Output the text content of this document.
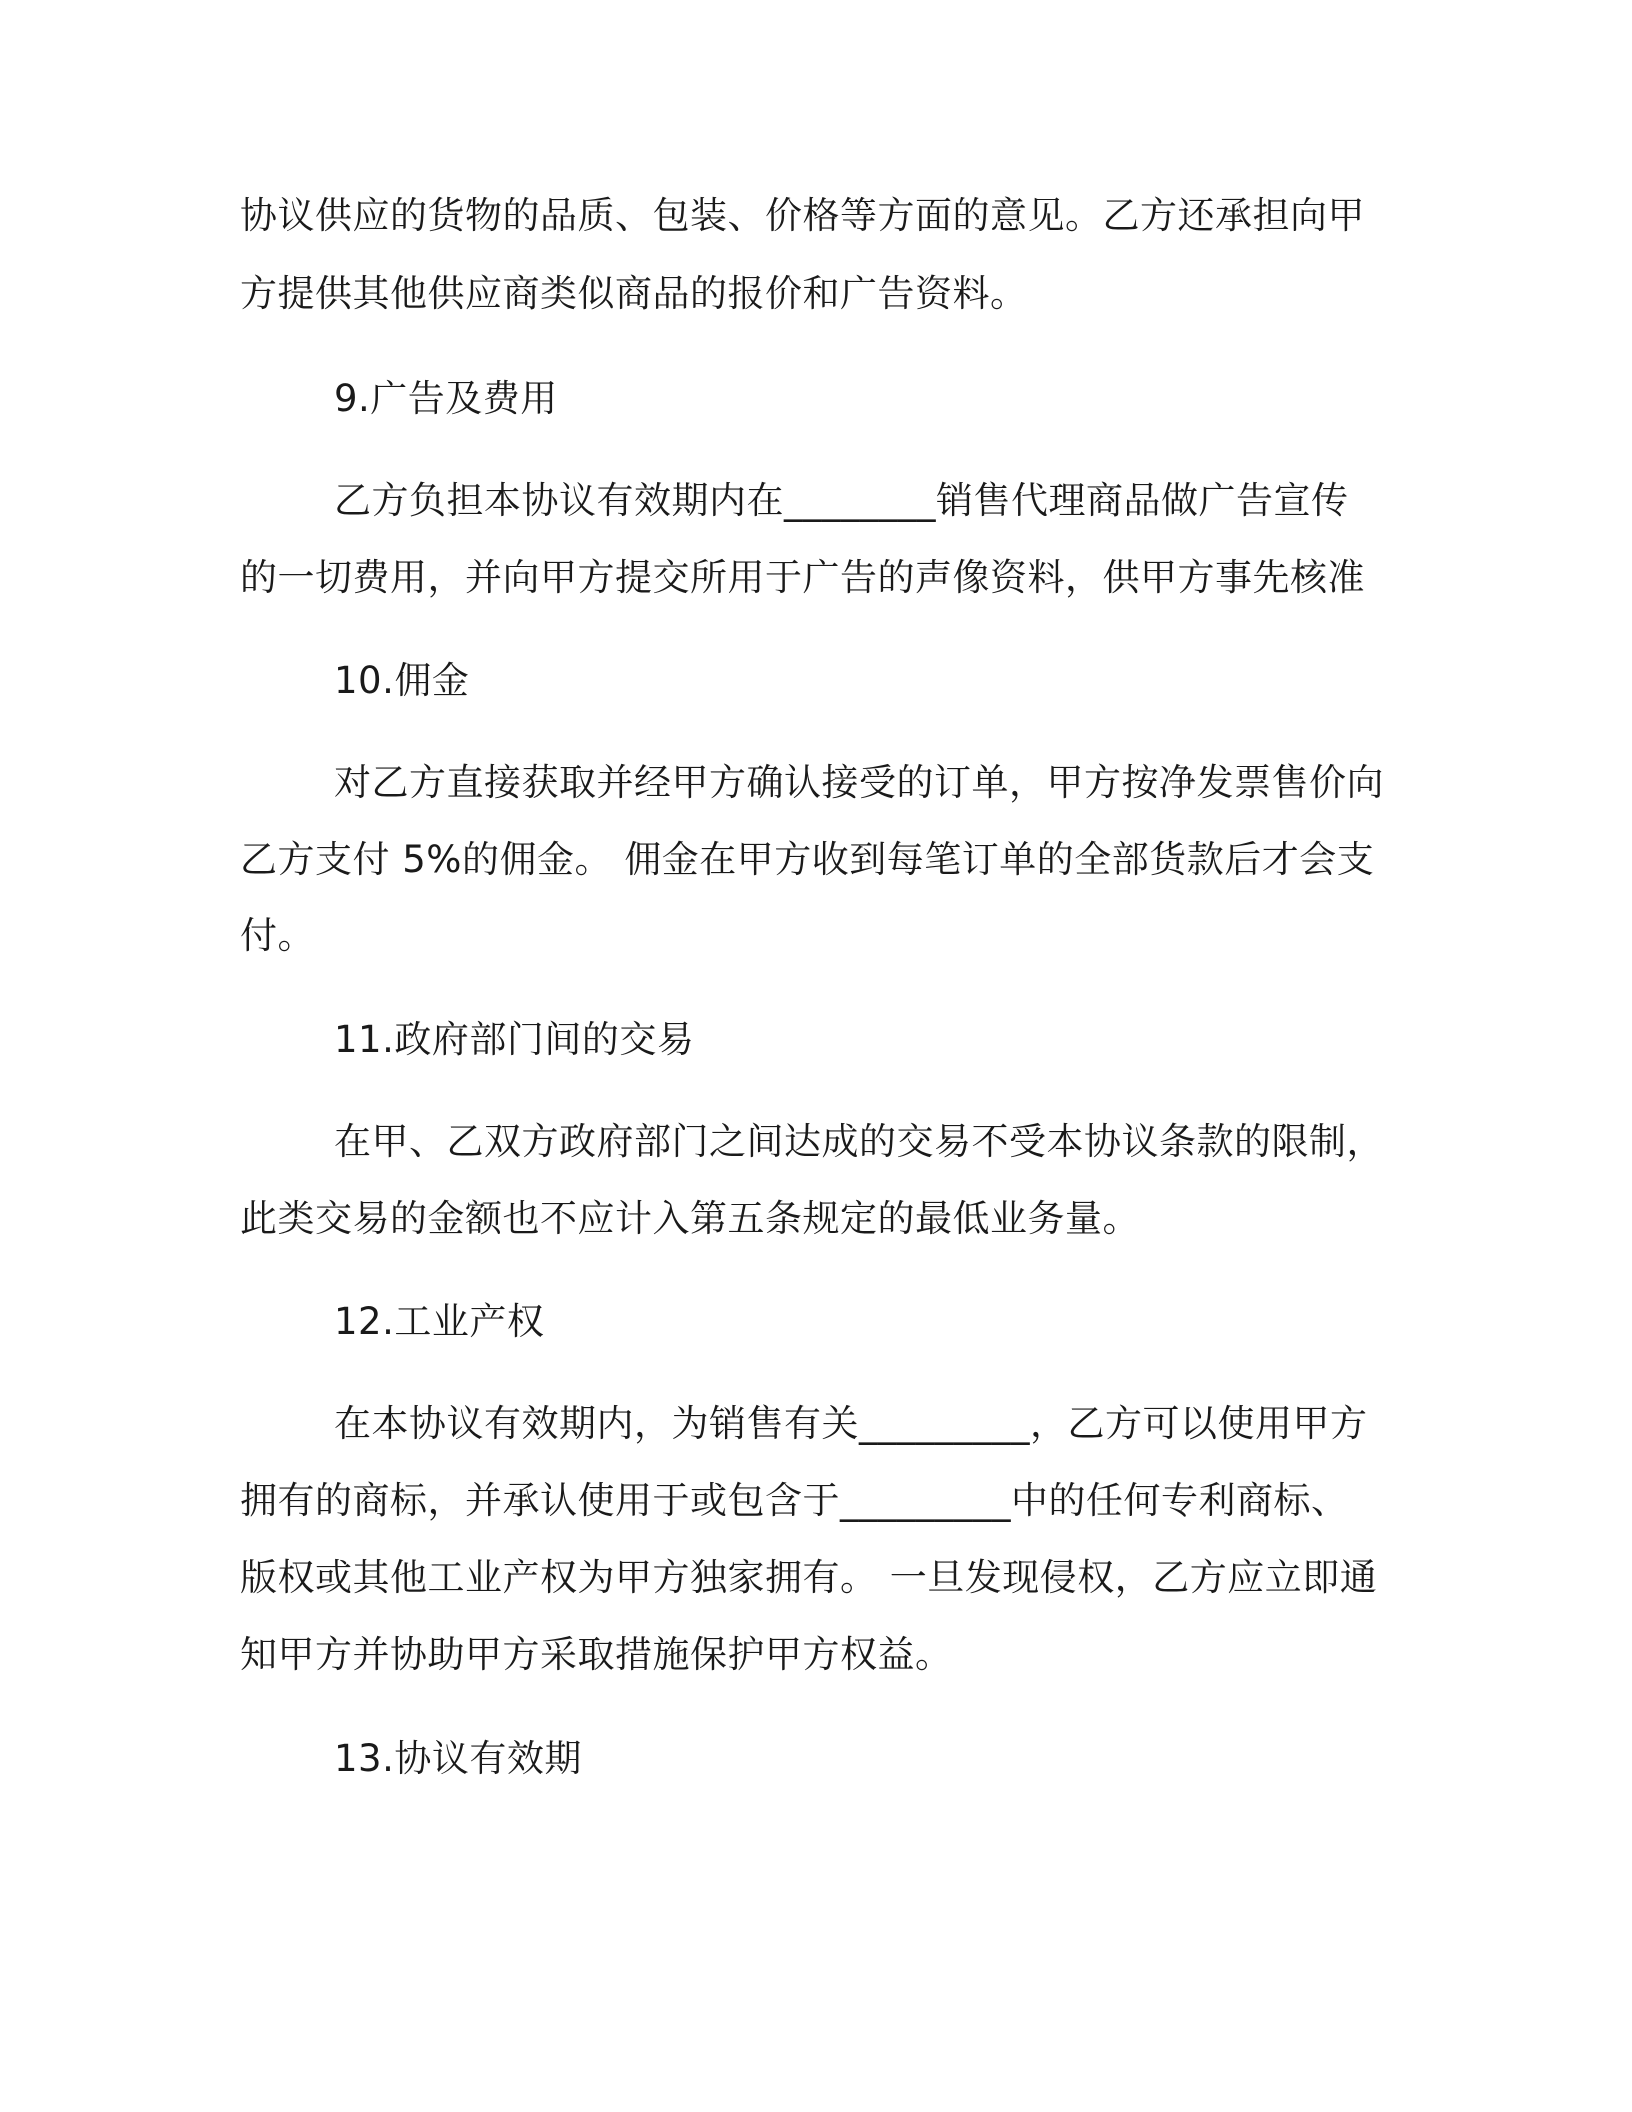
协议供应的货物的品质、包装、价格等方面的意见。乙方还承担向甲
方提供其他供应商类似商品的报价和广告资料。
9.广告及费用
乙方负担本协议有效期内在________销售代理商品做广告宣传
的一切费用，并向甲方提交所用于广告的声像资料，供甲方事先核准
10.佣金
对乙方直接获取并经甲方确认接受的订单，甲方按净发票售价向
乙方支付 5%的佣金。 佣金在甲方收到每笔订单的全部货款后才会支
付。
11.政府部门间的交易
在甲、乙双方政府部门之间达成的交易不受本协议条款的限制，
此类交易的金额也不应计入第五条规定的最低业务量。
12.工业产权
在本协议有效期内，为销售有关_________，乙方可以使用甲方
拥有的商标，并承认使用于或包含于_________中的任何专利商标、
版权或其他工业产权为甲方独家拥有。 一旦发现侵权，乙方应立即通
知甲方并协助甲方采取措施保护甲方权益。
13.协议有效期
